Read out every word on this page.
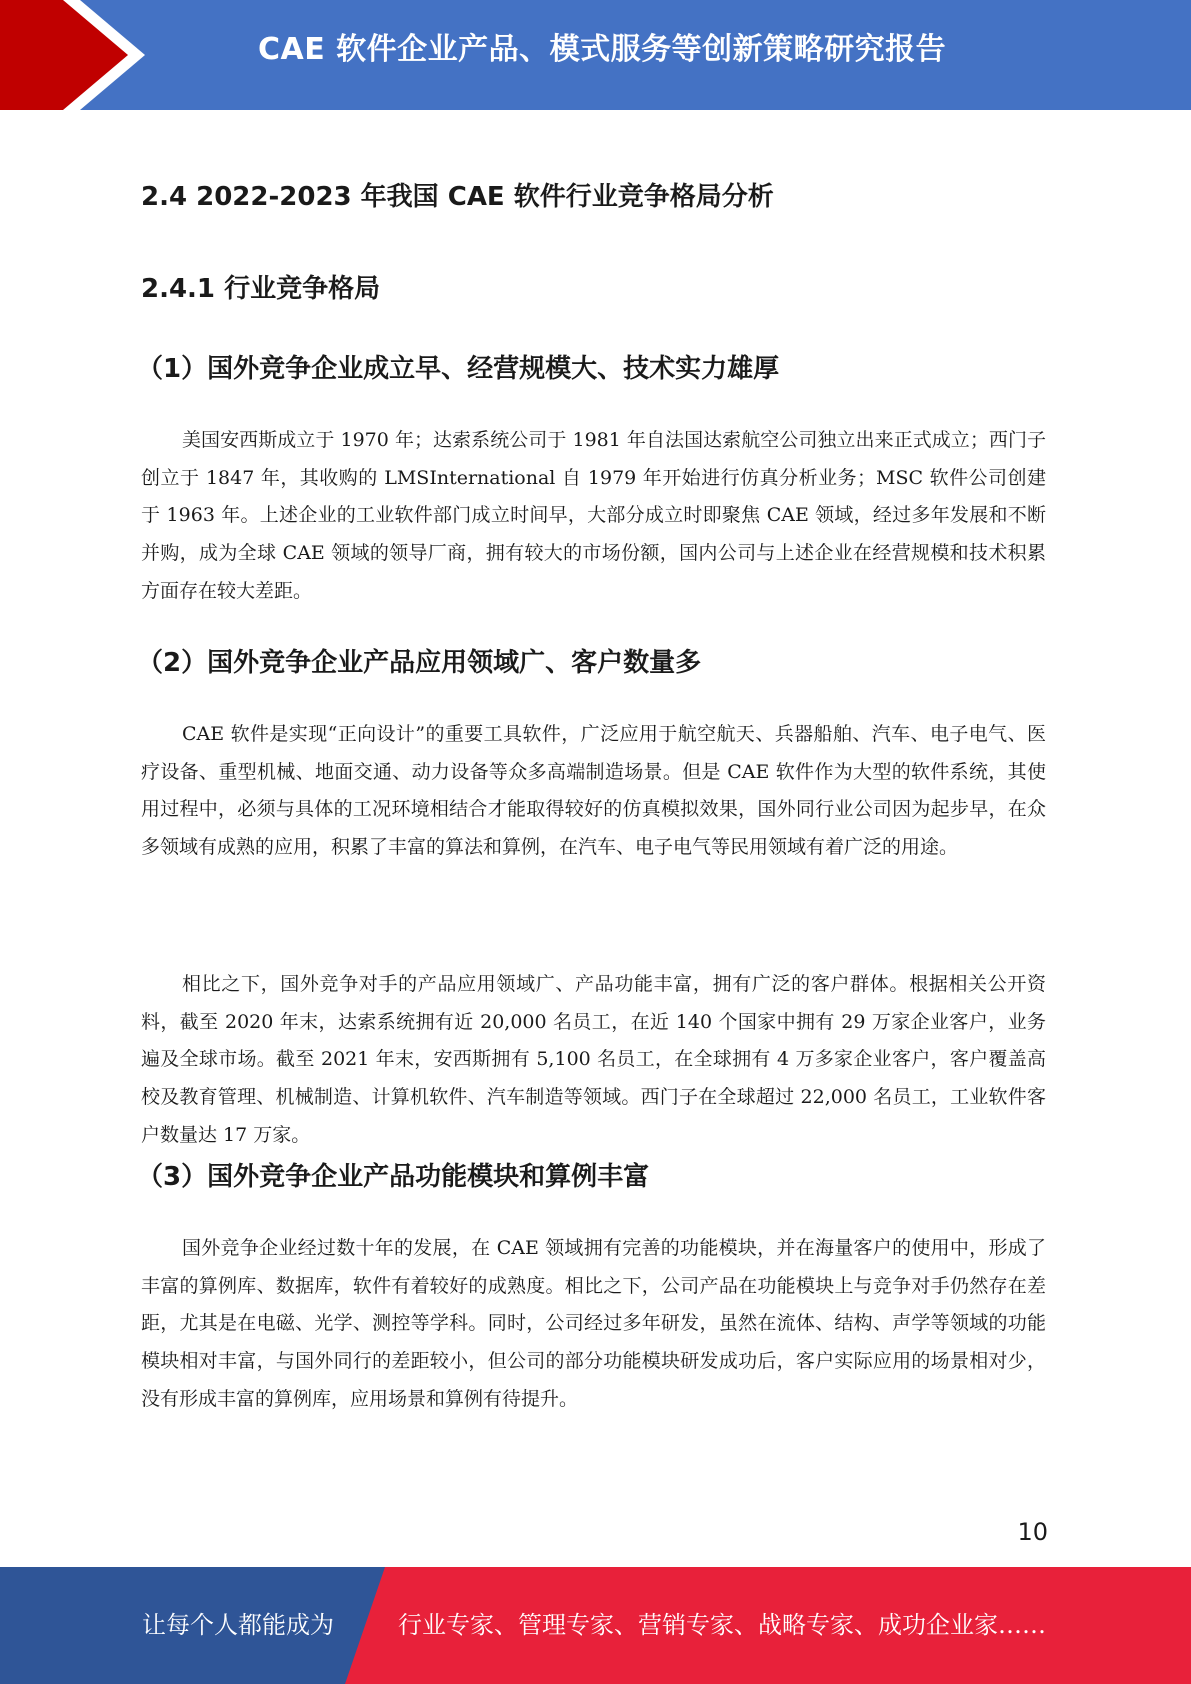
CAE 软件企业产品、模式服务等创新策略研究报告
2.4 2022-2023 年我国 CAE 软件行业竞争格局分析
2.4.1 行业竞争格局
（1）国外竞争企业成立早、经营规模大、技术实力雄厚

美国安西斯成立于 1970 年；达索系统公司于 1981 年自法国达索航空公司独立出来正式成立；西门子创立于 1847 年，其收购的 LMSInternational 自 1979 年开始进行仿真分析业务；MSC 软件公司创建于 1963 年。上述企业的工业软件部门成立时间早，大部分成立时即聚焦 CAE 领域，经过多年发展和不断并购，成为全球 CAE 领域的领导厂商，拥有较大的市场份额，国内公司与上述企业在经营规模和技术积累方面存在较大差距。

（2）国外竞争企业产品应用领域广、客户数量多

CAE 软件是实现“正向设计”的重要工具软件，广泛应用于航空航天、兵器船舶、汽车、电子电气、医疗设备、重型机械、地面交通、动力设备等众多高端制造场景。但是 CAE 软件作为大型的软件系统，其使用过程中，必须与具体的工况环境相结合才能取得较好的仿真模拟效果，国外同行业公司因为起步早，在众多领域有成熟的应用，积累了丰富的算法和算例，在汽车、电子电气等民用领域有着广泛的用途。

相比之下，国外竞争对手的产品应用领域广、产品功能丰富，拥有广泛的客户群体。根据相关公开资料，截至 2020 年末，达索系统拥有近 20,000 名员工，在近 140 个国家中拥有 29 万家企业客户，业务遍及全球市场。截至 2021 年末，安西斯拥有 5,100 名员工，在全球拥有 4 万多家企业客户，客户覆盖高校及教育管理、机械制造、计算机软件、汽车制造等领域。西门子在全球超过 22,000 名员工，工业软件客户数量达 17 万家。

（3）国外竞争企业产品功能模块和算例丰富

国外竞争企业经过数十年的发展，在 CAE 领域拥有完善的功能模块，并在海量客户的使用中，形成了丰富的算例库、数据库，软件有着较好的成熟度。相比之下，公司产品在功能模块上与竞争对手仍然存在差距，尤其是在电磁、光学、测控等学科。同时，公司经过多年研发，虽然在流体、结构、声学等领域的功能模块相对丰富，与国外同行的差距较小，但公司的部分功能模块研发成功后，客户实际应用的场景相对少，没有形成丰富的算例库，应用场景和算例有待提升。

10
让每个人都能成为	行业专家、管理专家、营销专家、战略专家、成功企业家……
